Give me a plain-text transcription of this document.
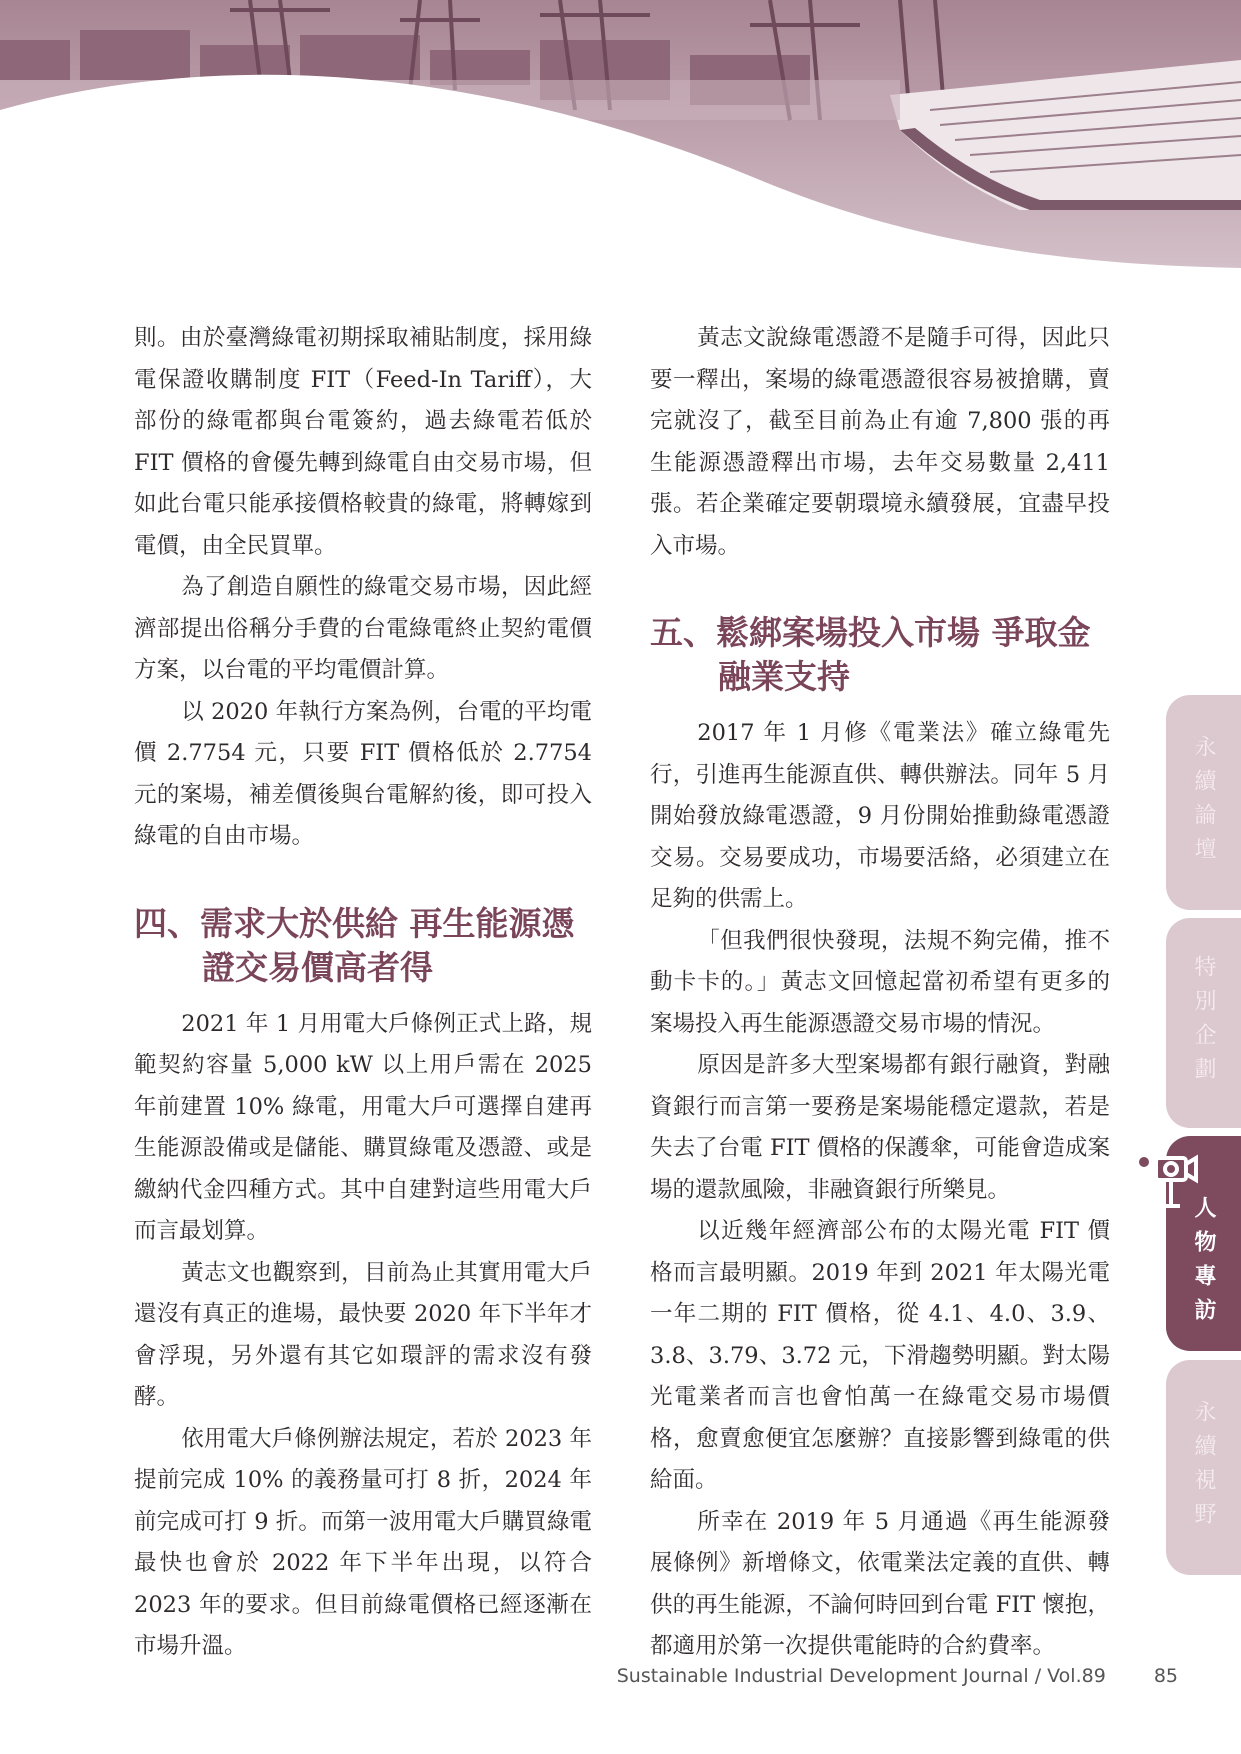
則。由於臺灣綠電初期採取補貼制度，採用綠電保證收購制度 FIT（Feed-In Tariff），大部份的綠電都與台電簽約，過去綠電若低於 FIT 價格的會優先轉到綠電自由交易市場，但如此台電只能承接價格較貴的綠電，將轉嫁到電價，由全民買單。

為了創造自願性的綠電交易市場，因此經濟部提出俗稱分手費的台電綠電終止契約電價方案，以台電的平均電價計算。

以 2020 年執行方案為例，台電的平均電價 2.7754 元，只要 FIT 價格低於 2.7754 元的案場，補差價後與台電解約後，即可投入綠電的自由市場。

四、需求大於供給 再生能源憑
證交易價高者得

2021 年 1 月用電大戶條例正式上路，規範契約容量 5,000 kW 以上用戶需在 2025 年前建置 10% 綠電，用電大戶可選擇自建再生能源設備或是儲能、購買綠電及憑證、或是繳納代金四種方式。其中自建對這些用電大戶而言最划算。

黃志文也觀察到，目前為止其實用電大戶還沒有真正的進場，最快要 2020 年下半年才會浮現，另外還有其它如環評的需求沒有發酵。

依用電大戶條例辦法規定，若於 2023 年提前完成 10% 的義務量可打 8 折，2024 年前完成可打 9 折。而第一波用電大戶購買綠電最快也會於 2022 年下半年出現，以符合 2023 年的要求。但目前綠電價格已經逐漸在市場升溫。

黃志文說綠電憑證不是隨手可得，因此只要一釋出，案場的綠電憑證很容易被搶購，賣完就沒了，截至目前為止有逾 7,800 張的再生能源憑證釋出市場，去年交易數量 2,411 張。若企業確定要朝環境永續發展，宜盡早投入市場。

五、鬆綁案場投入市場 爭取金
融業支持

2017 年 1 月修《電業法》確立綠電先行，引進再生能源直供、轉供辦法。同年 5 月開始發放綠電憑證，9 月份開始推動綠電憑證交易。交易要成功，市場要活絡，必須建立在足夠的供需上。

「但我們很快發現，法規不夠完備，推不動卡卡的。」黃志文回憶起當初希望有更多的案場投入再生能源憑證交易市場的情況。

原因是許多大型案場都有銀行融資，對融資銀行而言第一要務是案場能穩定還款，若是失去了台電 FIT 價格的保護傘，可能會造成案場的還款風險，非融資銀行所樂見。

以近幾年經濟部公布的太陽光電 FIT 價格而言最明顯。2019 年到 2021 年太陽光電一年二期的 FIT 價格，從 4.1、4.0、3.9、3.8、3.79、3.72 元，下滑趨勢明顯。對太陽光電業者而言也會怕萬一在綠電交易市場價格，愈賣愈便宜怎麼辦？直接影響到綠電的供給面。

所幸在 2019 年 5 月通過《再生能源發展條例》新增條文，依電業法定義的直供、轉供的再生能源，不論何時回到台電 FIT 懷抱，都適用於第一次提供電能時的合約費率。

永續論壇
特別企劃
人物專訪
永續視野
Sustainable Industrial Development Journal / Vol.89	85
